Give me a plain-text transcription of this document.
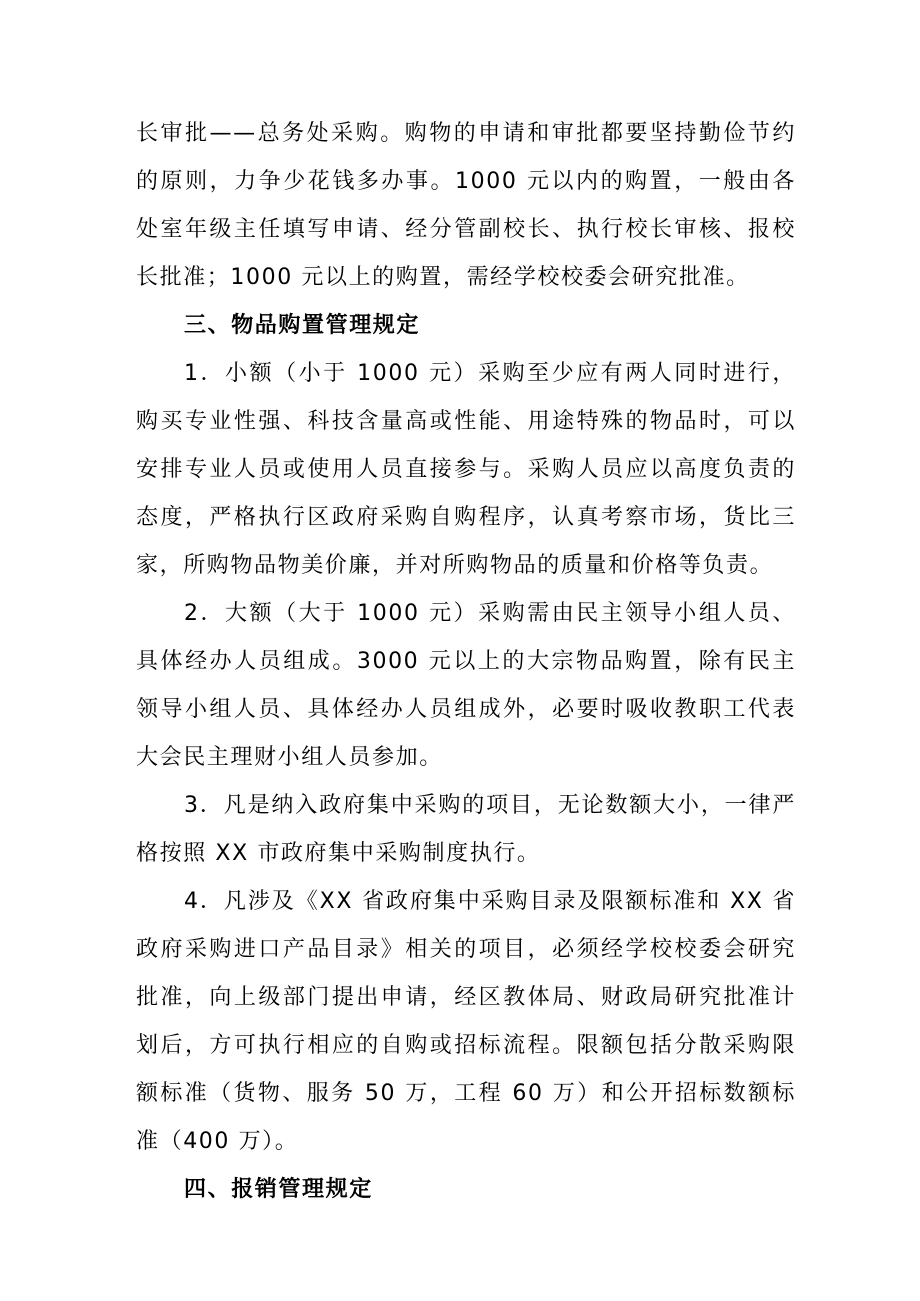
长审批——总务处采购。购物的申请和审批都要坚持勤俭节约的原则，力争少花钱多办事。1000 元以内的购置，一般由各处室年级主任填写申请、经分管副校长、执行校长审核、报校长批准；1000 元以上的购置，需经学校校委会研究批准。

三、物品购置管理规定

1．小额（小于 1000 元）采购至少应有两人同时进行，购买专业性强、科技含量高或性能、用途特殊的物品时，可以安排专业人员或使用人员直接参与。采购人员应以高度负责的态度，严格执行区政府采购自购程序，认真考察市场，货比三家，所购物品物美价廉，并对所购物品的质量和价格等负责。

2．大额（大于 1000 元）采购需由民主领导小组人员、具体经办人员组成。3000 元以上的大宗物品购置，除有民主领导小组人员、具体经办人员组成外，必要时吸收教职工代表大会民主理财小组人员参加。

3．凡是纳入政府集中采购的项目，无论数额大小，一律严格按照 XX 市政府集中采购制度执行。

4．凡涉及《XX 省政府集中采购目录及限额标准和 XX 省政府采购进口产品目录》相关的项目，必须经学校校委会研究批准，向上级部门提出申请，经区教体局、财政局研究批准计划后，方可执行相应的自购或招标流程。限额包括分散采购限额标准（货物、服务 50 万，工程 60 万）和公开招标数额标准（400 万）。

四、报销管理规定
